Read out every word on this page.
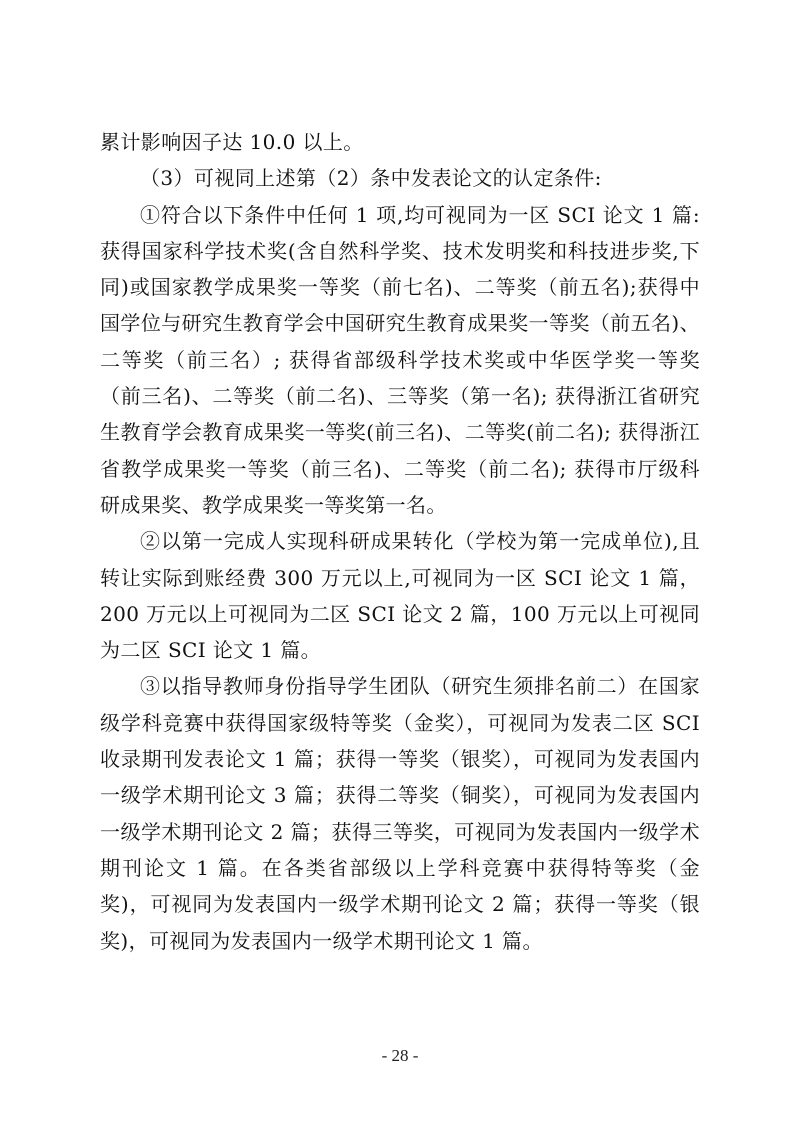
累计影响因子达 10.0 以上。

（3）可视同上述第（2）条中发表论文的认定条件:

①符合以下条件中任何 1 项,均可视同为一区 SCI 论文 1 篇:获得国家科学技术奖(含自然科学奖、技术发明奖和科技进步奖,下同)或国家教学成果奖一等奖（前七名)、二等奖（前五名);获得中国学位与研究生教育学会中国研究生教育成果奖一等奖（前五名)、二等奖（前三名）; 获得省部级科学技术奖或中华医学奖一等奖（前三名)、二等奖（前二名)、三等奖（第一名); 获得浙江省研究生教育学会教育成果奖一等奖(前三名)、二等奖(前二名); 获得浙江省教学成果奖一等奖（前三名)、二等奖（前二名); 获得市厅级科研成果奖、教学成果奖一等奖第一名。

②以第一完成人实现科研成果转化（学校为第一完成单位),且转让实际到账经费 300 万元以上,可视同为一区 SCI 论文 1 篇，200 万元以上可视同为二区 SCI 论文 2 篇，100 万元以上可视同为二区 SCI 论文 1 篇。

③以指导教师身份指导学生团队（研究生须排名前二）在国家级学科竞赛中获得国家级特等奖（金奖），可视同为发表二区 SCI 收录期刊发表论文 1 篇；获得一等奖（银奖），可视同为发表国内一级学术期刊论文 3 篇；获得二等奖（铜奖），可视同为发表国内一级学术期刊论文 2 篇；获得三等奖，可视同为发表国内一级学术期刊论文 1 篇。在各类省部级以上学科竞赛中获得特等奖（金奖)，可视同为发表国内一级学术期刊论文 2 篇；获得一等奖（银奖)，可视同为发表国内一级学术期刊论文 1 篇。

- 28 -
